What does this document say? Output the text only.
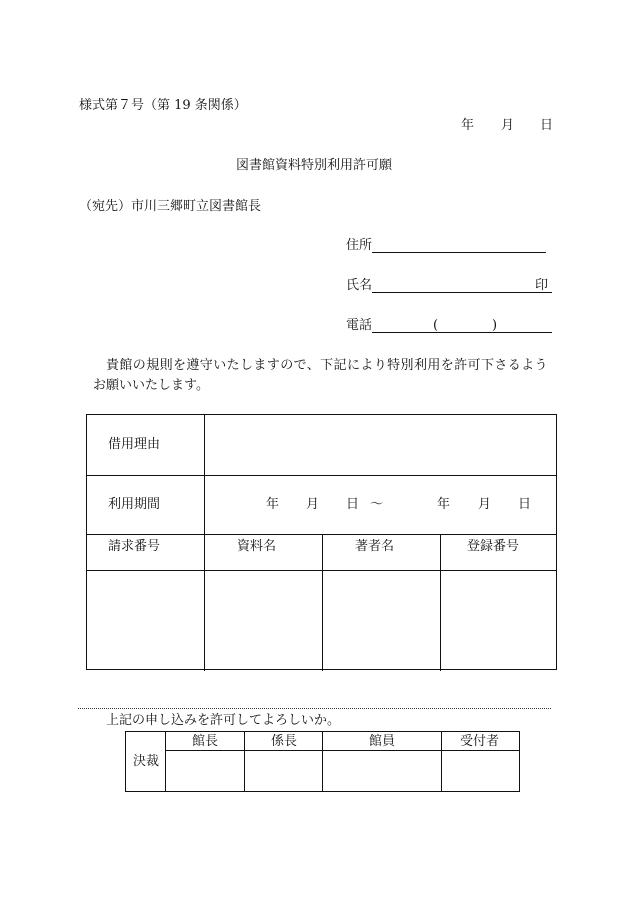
様式第７号（第 19 条関係）
年 月 日
図書館資料特別利用許可願
（宛先）市川三郷町立図書館長
住所
氏名	印
電話	(	)
貴館の規則を遵守いたしますので、下記により特別利用を許可下さるよう
お願いいたします。
借用理由
利用期間	年 月 日 ～	年 月 日
請求番号	資料名	著者名	登録番号
上記の申し込みを許可してよろしいか。
決裁
館長	係長	館員	受付者
